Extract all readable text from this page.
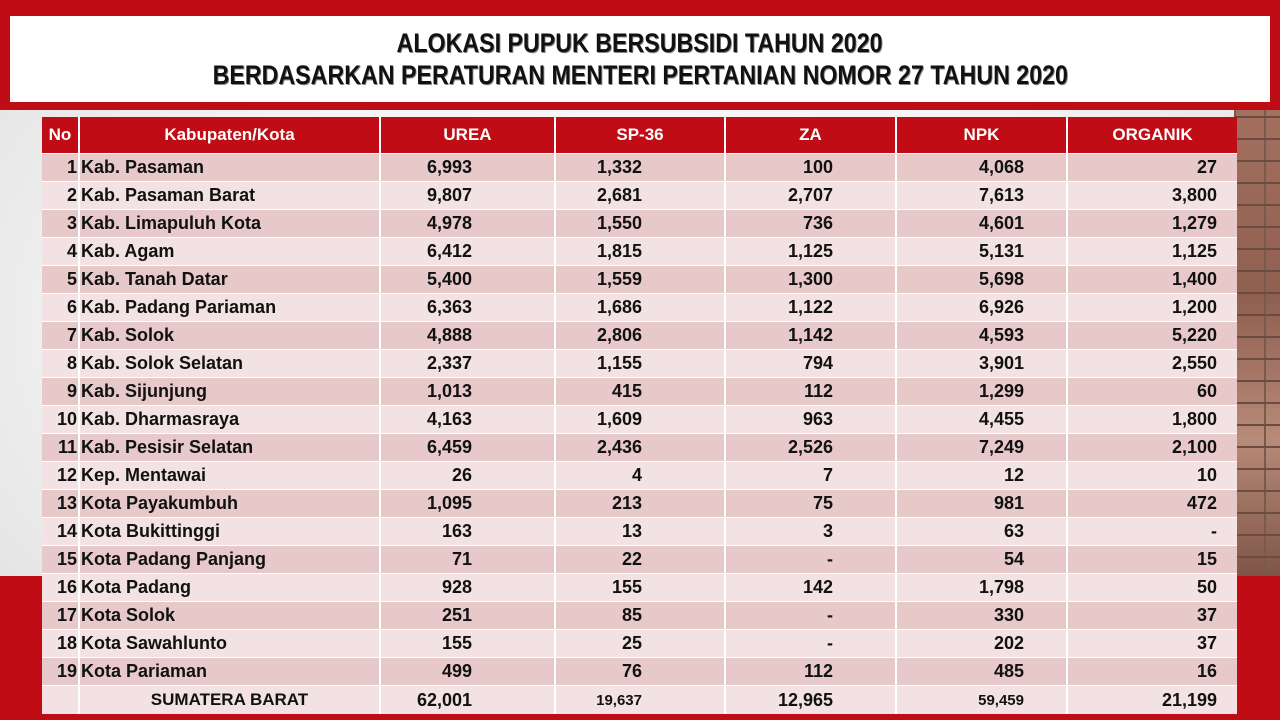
ALOKASI PUPUK BERSUBSIDI TAHUN 2020
BERDASARKAN PERATURAN MENTERI PERTANIAN NOMOR 27 TAHUN 2020
No	Kabupaten/Kota	UREA	SP-36	ZA	NPK	ORGANIK
1	Kab. Pasaman	6,993	1,332	100	4,068	27
2	Kab. Pasaman Barat	9,807	2,681	2,707	7,613	3,800
3	Kab. Limapuluh Kota	4,978	1,550	736	4,601	1,279
4	Kab. Agam	6,412	1,815	1,125	5,131	1,125
5	Kab. Tanah Datar	5,400	1,559	1,300	5,698	1,400
6	Kab. Padang Pariaman	6,363	1,686	1,122	6,926	1,200
7	Kab. Solok	4,888	2,806	1,142	4,593	5,220
8	Kab. Solok Selatan	2,337	1,155	794	3,901	2,550
9	Kab. Sijunjung	1,013	415	112	1,299	60
10	Kab. Dharmasraya	4,163	1,609	963	4,455	1,800
11	Kab. Pesisir Selatan	6,459	2,436	2,526	7,249	2,100
12	Kep. Mentawai	26	4	7	12	10
13	Kota Payakumbuh	1,095	213	75	981	472
14	Kota Bukittinggi	163	13	3	63	-
15	Kota Padang Panjang	71	22	-	54	15
16	Kota Padang	928	155	142	1,798	50
17	Kota Solok	251	85	-	330	37
18	Kota Sawahlunto	155	25	-	202	37
19	Kota Pariaman	499	76	112	485	16
	SUMATERA BARAT	62,001	19,637	12,965	59,459	21,199
